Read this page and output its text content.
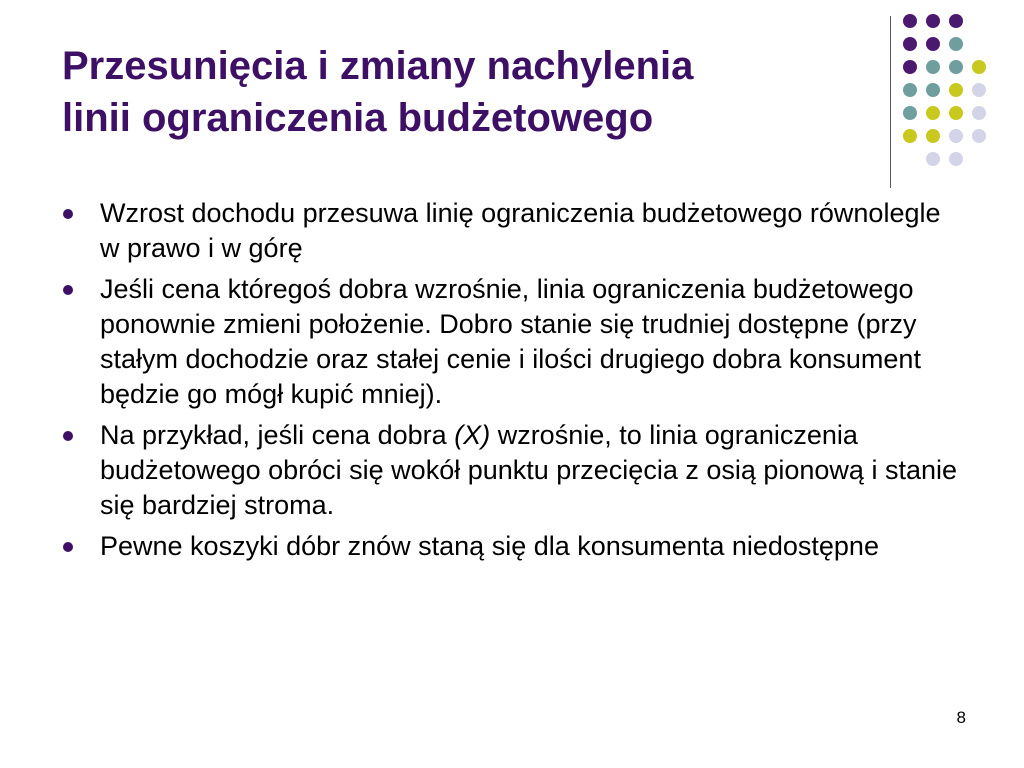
Przesunięcia i zmiany nachylenia
linii ograniczenia budżetowego
Wzrost dochodu przesuwa linię ograniczenia budżetowego równolegle w prawo i w górę
Jeśli cena któregoś dobra wzrośnie, linia ograniczenia budżetowego ponownie zmieni położenie. Dobro stanie się trudniej dostępne (przy stałym dochodzie oraz stałej cenie i ilości drugiego dobra konsument będzie go mógł kupić mniej).
Na przykład, jeśli cena dobra (X) wzrośnie, to linia ograniczenia budżetowego obróci się wokół punktu przecięcia z osią pionową i stanie się bardziej stroma.
Pewne koszyki dóbr znów staną się dla konsumenta niedostępne
8
